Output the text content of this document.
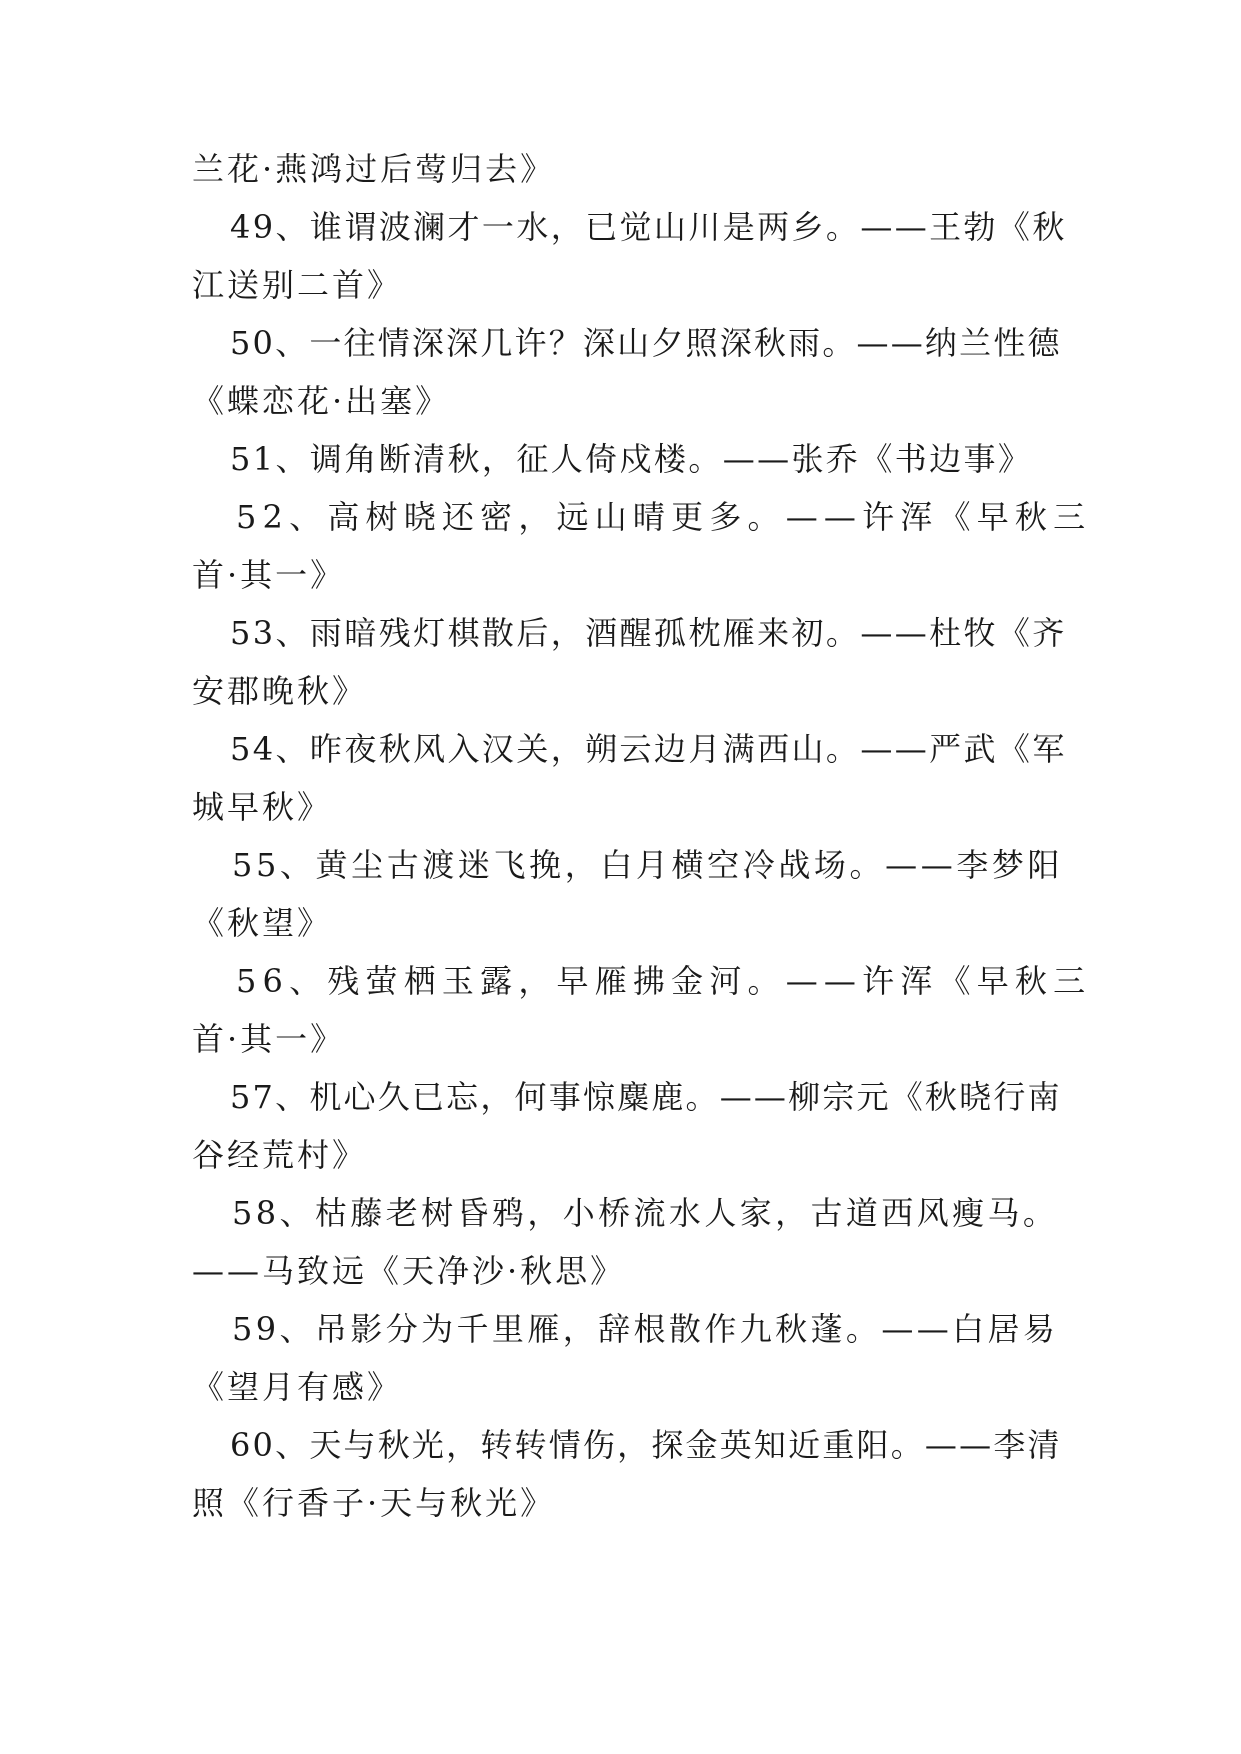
兰花·燕鸿过后莺归去》
49、谁谓波澜才一水，已觉山川是两乡。——王勃《秋
江送别二首》
50、一往情深深几许？深山夕照深秋雨。——纳兰性德
《蝶恋花·出塞》
51、调角断清秋，征人倚戍楼。——张乔《书边事》
52、高树晓还密，远山晴更多。——许浑《早秋三
首·其一》
53、雨暗残灯棋散后，酒醒孤枕雁来初。——杜牧《齐
安郡晚秋》
54、昨夜秋风入汉关，朔云边月满西山。——严武《军
城早秋》
55、黄尘古渡迷飞挽，白月横空冷战场。——李梦阳
《秋望》
56、残萤栖玉露，早雁拂金河。——许浑《早秋三
首·其一》
57、机心久已忘，何事惊麋鹿。——柳宗元《秋晓行南
谷经荒村》
58、枯藤老树昏鸦，小桥流水人家，古道西风瘦马。
——马致远《天净沙·秋思》
59、吊影分为千里雁，辞根散作九秋蓬。——白居易
《望月有感》
60、天与秋光，转转情伤，探金英知近重阳。——李清
照《行香子·天与秋光》
